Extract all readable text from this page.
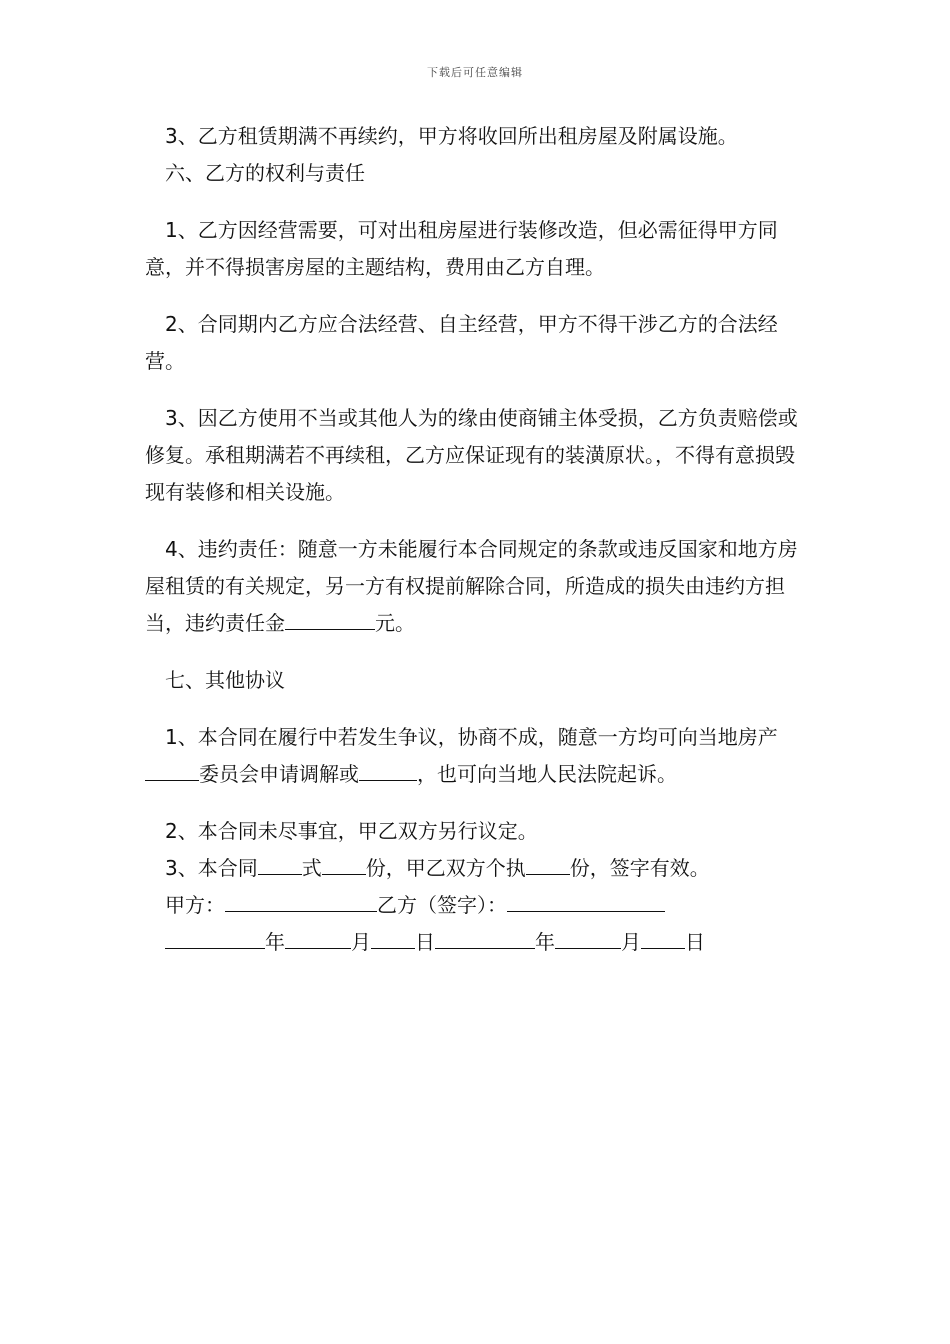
下载后可任意编辑

3、乙方租赁期满不再续约，甲方将收回所出租房屋及附属设施。

六、乙方的权利与责任

1、乙方因经营需要，可对出租房屋进行装修改造，但必需征得甲方同意，并不得损害房屋的主题结构，费用由乙方自理。

2、合同期内乙方应合法经营、自主经营，甲方不得干涉乙方的合法经营。

3、因乙方使用不当或其他人为的缘由使商铺主体受损，乙方负责赔偿或修复。承租期满若不再续租，乙方应保证现有的装潢原状。，不得有意损毁现有装修和相关设施。

4、违约责任：随意一方未能履行本合同规定的条款或违反国家和地方房屋租赁的有关规定，另一方有权提前解除合同，所造成的损失由违约方担当，违约责任金	元。

七、其他协议

1、本合同在履行中若发生争议，协商不成，随意一方均可向当地房产委员会申请调解或	，也可向当地人民法院起诉。

2、本合同未尽事宜，甲乙双方另行议定。

3、本合同 式 份，甲乙双方个执 份，签字有效。

甲方：	乙方（签字）：

年	月 日	年	月 日
